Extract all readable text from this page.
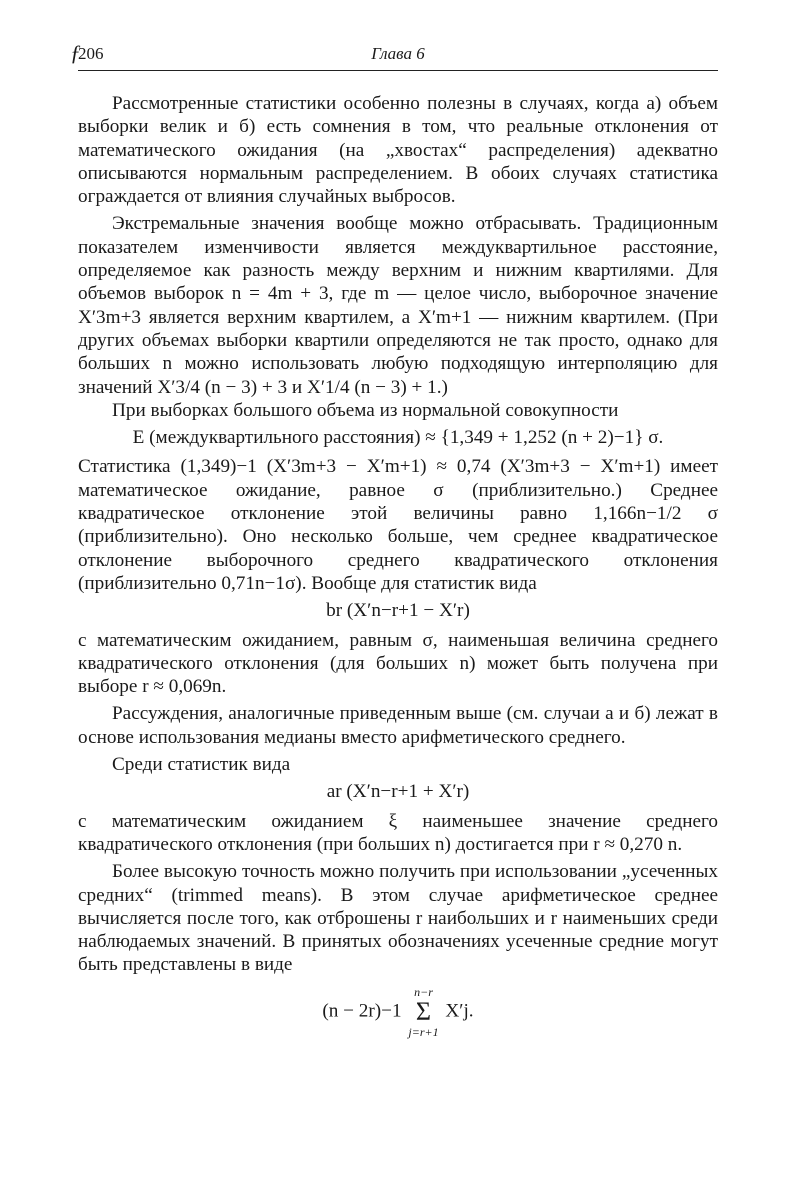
ƒ
206	Глава 6

Рассмотренные статистики особенно полезны в случаях, когда а) объем выборки велик и б) есть сомнения в том, что реальные отклонения от математического ожидания (на „хвостах“ распределения) адекватно описываются нормальным распределением. В обоих случаях статистика ограждается от влияния случайных выбросов.

Экстремальные значения вообще можно отбрасывать. Традиционным показателем изменчивости является междуквартильное расстояние, определяемое как разность между верхним и нижним квартилями. Для объемов выборок n = 4m + 3, где m — целое число, выборочное значение X′3m+3 является верхним квартилем, а X′m+1 — нижним квартилем. (При других объемах выборки квартили определяются не так просто, однако для больших n можно использовать любую подходящую интерполяцию для значений X′3/4 (n − 3) + 3 и X′1/4 (n − 3) + 1.)

При выборках большого объема из нормальной совокупности

E (междуквартильного расстояния) ≈ {1,349 + 1,252 (n + 2)−1} σ.

Статистика (1,349)−1 (X′3m+3 − X′m+1) ≈ 0,74 (X′3m+3 − X′m+1) имеет математическое ожидание, равное σ (приблизительно.) Среднее квадратическое отклонение этой величины равно 1,166n−1/2 σ (приблизительно). Оно несколько больше, чем среднее квадратическое отклонение выборочного среднего квадратического отклонения (приблизительно 0,71n−1σ). Вообще для статистик вида

br (X′n−r+1 − X′r)

с математическим ожиданием, равным σ, наименьшая величина среднего квадратического отклонения (для больших n) может быть получена при выборе r ≈ 0,069n.

Рассуждения, аналогичные приведенным выше (см. случаи а и б) лежат в основе использования медианы вместо арифметического среднего.

Среди статистик вида

ar (X′n−r+1 + X′r)

с математическим ожиданием ξ наименьшее значение среднего квадратического отклонения (при больших n) достигается при r ≈ 0,270 n.

Более высокую точность можно получить при использовании „усеченных средних“ (trimmed means). В этом случае арифметическое среднее вычисляется после того, как отброшены r наибольших и r наименьших среди наблюдаемых значений. В принятых обозначениях усеченные средние могут быть представлены в виде

(n − 2r)−1
n−r
Σ
j=r+1
X′j.
